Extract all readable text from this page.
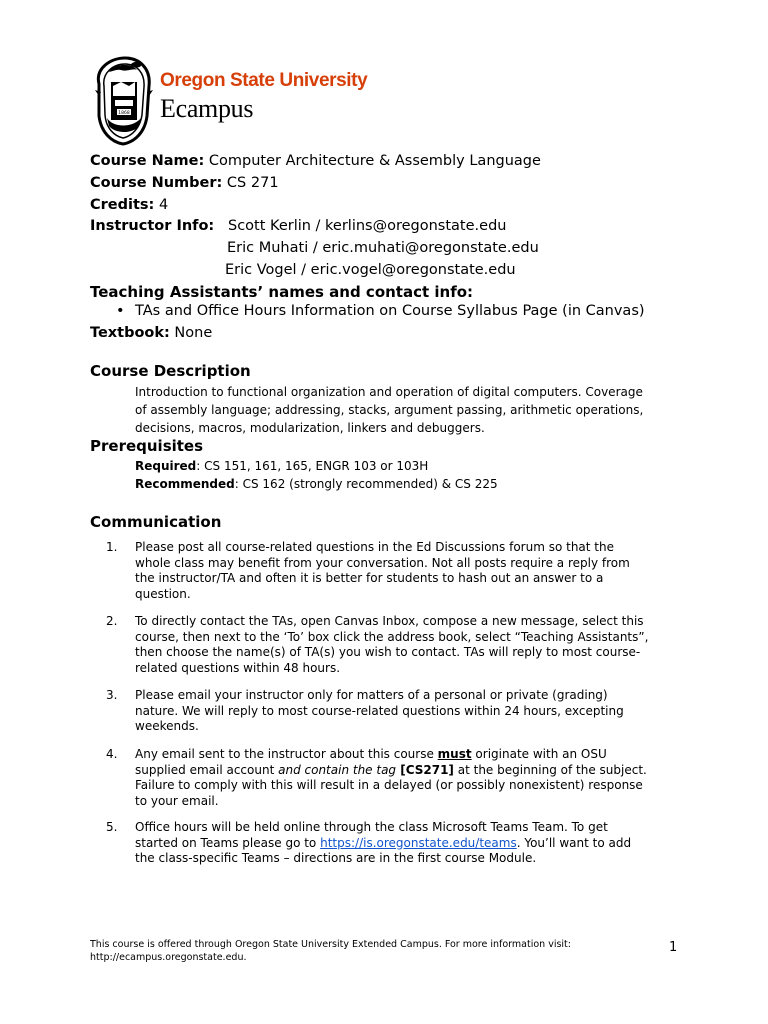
1868
Oregon State University
Ecampus
Course Name: Computer Architecture & Assembly Language
Course Number: CS 271
Credits: 4
Instructor Info: Scott Kerlin / kerlins@oregonstate.edu
Eric Muhati / eric.muhati@oregonstate.edu
Eric Vogel / eric.vogel@oregonstate.edu
Teaching Assistants’ names and contact info:
• TAs and Office Hours Information on Course Syllabus Page (in Canvas)
Textbook: None
Course Description
Introduction to functional organization and operation of digital computers. Coverage
of assembly language; addressing, stacks, argument passing, arithmetic operations,
decisions, macros, modularization, linkers and debuggers.
Prerequisites
Required: CS 151, 161, 165, ENGR 103 or 103H
Recommended: CS 162 (strongly recommended) & CS 225
Communication
1. Please post all course-related questions in the Ed Discussions forum so that the
whole class may benefit from your conversation. Not all posts require a reply from
the instructor/TA and often it is better for students to hash out an answer to a
question.
2. To directly contact the TAs, open Canvas Inbox, compose a new message, select this
course, then next to the ‘To’ box click the address book, select “Teaching Assistants”,
then choose the name(s) of TA(s) you wish to contact. TAs will reply to most course-
related questions within 48 hours.
3. Please email your instructor only for matters of a personal or private (grading)
nature. We will reply to most course-related questions within 24 hours, excepting
weekends.
4. Any email sent to the instructor about this course must originate with an OSU
supplied email account and contain the tag [CS271] at the beginning of the subject.
Failure to comply with this will result in a delayed (or possibly nonexistent) response
to your email.
5. Office hours will be held online through the class Microsoft Teams Team. To get
started on Teams please go to https://is.oregonstate.edu/teams. You’ll want to add
the class-specific Teams – directions are in the first course Module.
This course is offered through Oregon State University Extended Campus. For more information visit:
http://ecampus.oregonstate.edu.
1
